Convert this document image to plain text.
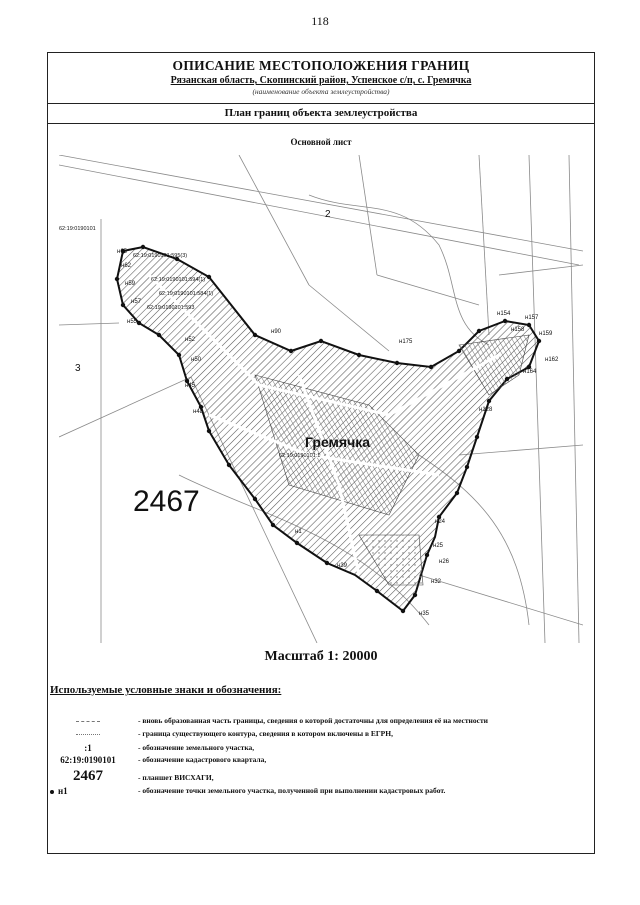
118
ОПИСАНИЕ МЕСТОПОЛОЖЕНИЯ ГРАНИЦ
Рязанская область, Скопинский район, Успенское с/п, с. Гремячка
(наименование объекта землеустройства)
План границ объекта землеустройства
Основной лист
2
3
Гремячка
2467
62:19:0190101
62:19:0190101:595(3)
62:19:0190101:594(1)
62:19:0190101:584(1)
62:19:0190101:593
62:19:0190101:1
н1
н24
н25
н26
н32
н35
н39
н45
н48
н50
н52
н55
н57
н59
н62
н65
н90
н128
н154
н157
н158
н159
н162
н164
н175
Масштаб 1: 20000
Используемые условные знаки и обозначения:
- вновь образованная часть границы, сведения о которой достаточны для определения её на местности
- граница существующего контура, сведения в котором включены в ЕГРН,
:1	- обозначение земельного участка,
62:19:0190101	- обозначение кадастрового квартала,
2467	- планшет ВИСХАГИ,
н1	- обозначение точки земельного участка, полученной при выполнении кадастровых работ.
